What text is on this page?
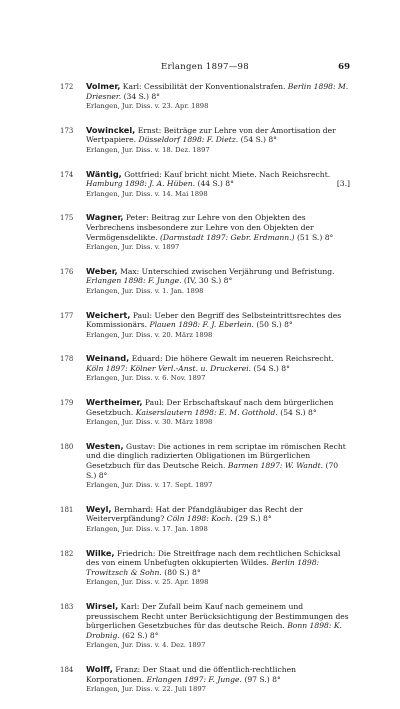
Erlangen 1897—98	69
172 Volmer, Karl: Cessibilität der Konventionalstrafen. Berlin 1898: M. Driesner. (34 S.) 8°
Erlangen, Jur. Diss. v. 23. Apr. 1898
173 Vowinckel, Ernst: Beiträge zur Lehre von der Amortisation der Wertpapiere. Düsseldorf 1898: F. Dietz. (54 S.) 8°
Erlangen, Jur. Diss. v. 18. Dez. 1897
174 Wäntig, Gottfried: Kauf bricht nicht Miete. Nach Reichsrecht. Hamburg 1898: J. A. Hüben. (44 S.) 8°	[3.]
Erlangen, Jur. Diss. v. 14. Mai 1898
175 Wagner, Peter: Beitrag zur Lehre von den Objekten des Verbrechens insbesondere zur Lehre von den Objekten der Vermögensdelikte. (Darmstadt 1897: Gebr. Erdmann.) (51 S.) 8°
Erlangen, Jur. Diss. v. 1897
176 Weber, Max: Unterschied zwischen Verjährung und Befristung. Erlangen 1898: F. Junge. (IV, 30 S.) 8°
Erlangen, Jur. Diss. v. 1. Jan. 1898
177 Weichert, Paul: Ueber den Begriff des Selbsteintrittsrechtes des Kommissionärs. Plauen 1898: F. J. Eberlein. (50 S.) 8°
Erlangen, Jur. Diss. v. 20. März 1898
178 Weinand, Eduard: Die höhere Gewalt im neueren Reichsrecht. Köln 1897: Kölner Verl.-Anst. u. Druckerei. (54 S.) 8°
Erlangen, Jur. Diss. v. 6. Nov. 1897
179 Wertheimer, Paul: Der Erbschaftskauf nach dem bürgerlichen Gesetzbuch. Kaiserslautern 1898: E. M. Gotthold. (54 S.) 8°
Erlangen, Jur. Diss. v. 30. März 1898
180 Westen, Gustav: Die actiones in rem scriptae im römischen Recht und die dinglich radizierten Obligationen im Bürgerlichen Gesetzbuch für das Deutsche Reich. Barmen 1897: W. Wandt. (70 S.) 8°
Erlangen, Jur. Diss. v. 17. Sept. 1897
181 Weyl, Bernhard: Hat der Pfandgläubiger das Recht der Weiterverpfändung? Cöln 1898: Koch. (29 S.) 8°
Erlangen, Jur. Diss. v. 17. Jan. 1898
182 Wilke, Friedrich: Die Streitfrage nach dem rechtlichen Schicksal des von einem Unbefugten okkupierten Wildes. Berlin 1898: Trowitzsch & Sohn. (80 S.) 8°
Erlangen, Jur. Diss. v. 25. Apr. 1898
183 Wirsel, Karl: Der Zufall beim Kauf nach gemeinem und preussischem Recht unter Berücksichtigung der Bestimmungen des bürgerlichen Gesetzbuches für das deutsche Reich. Bonn 1898: K. Drobnig. (62 S.) 8°
Erlangen, Jur. Diss. v. 4. Dez. 1897
184 Wolff, Franz: Der Staat und die öffentlich-rechtlichen Korporationen. Erlangen 1897: F. Junge. (97 S.) 8°
Erlangen, Jur. Diss. v. 22. Juli 1897
